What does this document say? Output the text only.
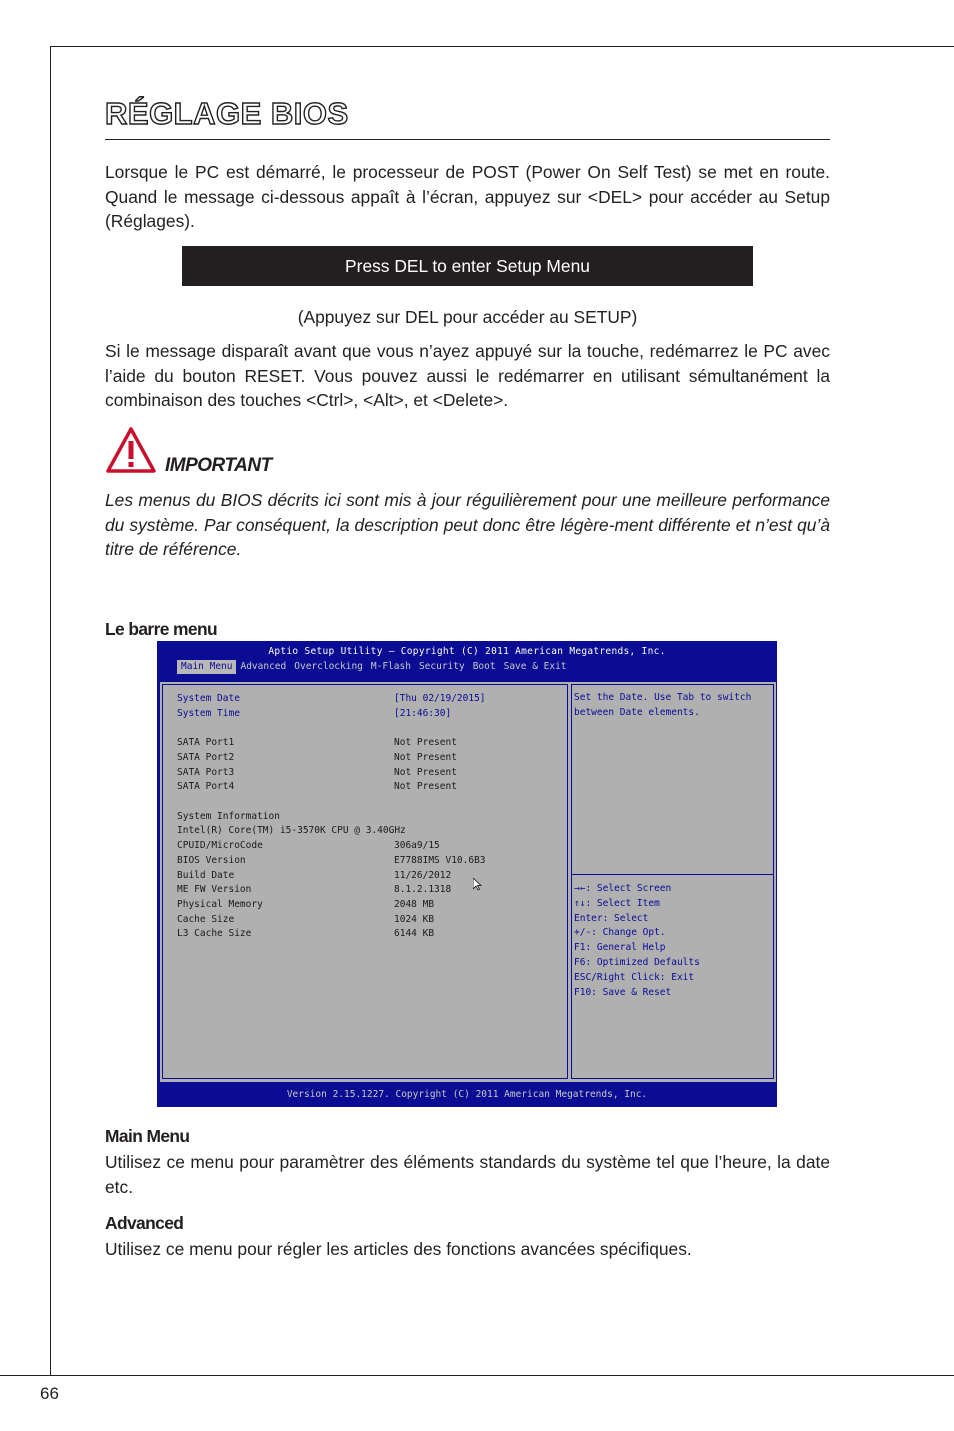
RÉGLAGE BIOS

Lorsque le PC est démarré, le processeur de POST (Power On Self Test) se met en route. Quand le message ci-dessous appaît à l’écran, appuyez sur <DEL> pour accéder au Setup (Réglages).

Press DEL to enter Setup Menu
(Appuyez sur DEL pour accéder au SETUP)

Si le message disparaît avant que vous n’ayez appuyé sur la touche, redémarrez le PC avec l’aide du bouton RESET. Vous pouvez aussi le redémarrer en utilisant sémultanément la combinaison des touches <Ctrl>, <Alt>, et <Delete>.

IMPORTANT

Les menus du BIOS décrits ici sont mis à jour réguilièrement pour une meilleure performance du système. Par conséquent, la description peut donc être légère-ment différente et n’est qu’à titre de référence.

Le barre menu
Aptio Setup Utility – Copyright (C) 2011 American Megatrends, Inc.
Main Menu Advanced Overclocking M-Flash Security Boot Save & Exit
System Date	[Thu 02/19/2015]
System Time	[21:46:30]
SATA Port1	Not Present
SATA Port2	Not Present
SATA Port3	Not Present
SATA Port4	Not Present
System Information
Intel(R) Core(TM) i5-3570K CPU @ 3.40GHz
CPUID/MicroCode	306a9/15
BIOS Version	E7788IMS V10.6B3
Build Date	11/26/2012
ME FW Version	8.1.2.1318
Physical Memory	2048 MB
Cache Size	1024 KB
L3 Cache Size	6144 KB
Set the Date. Use Tab to switch between Date elements.
→←: Select Screen
↑↓: Select Item
Enter: Select
+/-: Change Opt.
F1: General Help
F6: Optimized Defaults
ESC/Right Click: Exit
F10: Save & Reset
Version 2.15.1227. Copyright (C) 2011 American Megatrends, Inc.
Main Menu

Utilisez ce menu pour paramètrer des éléments standards du système tel que l’heure, la date etc.

Advanced

Utilisez ce menu pour régler les articles des fonctions avancées spécifiques.

66
